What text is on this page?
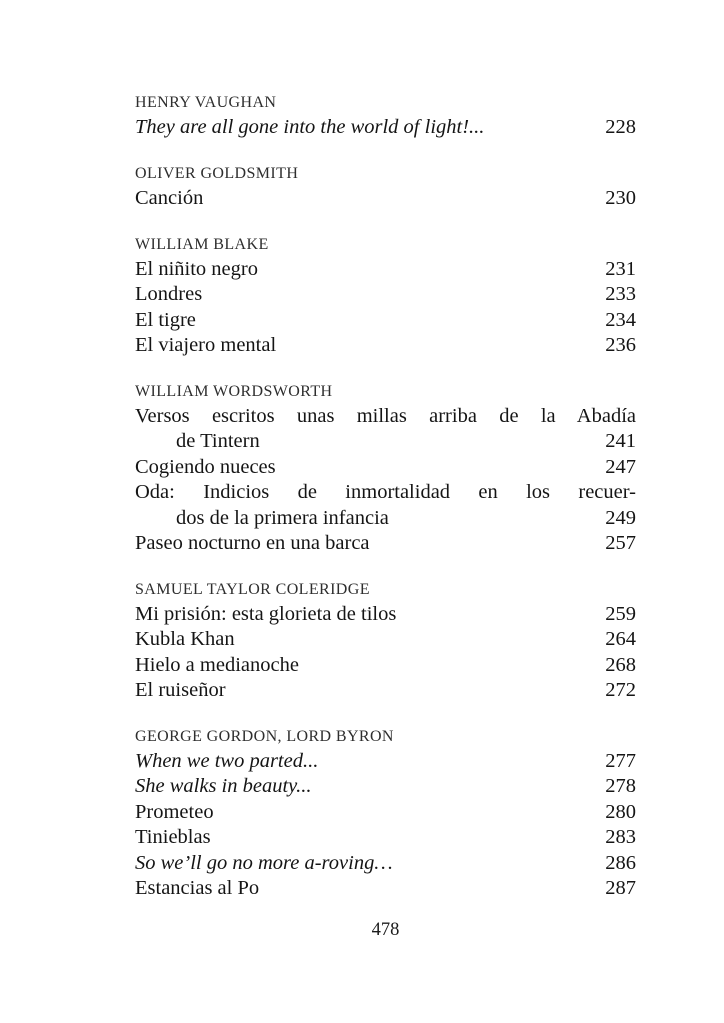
HENRY VAUGHAN
They are all gone into the world of light!...	228
OLIVER GOLDSMITH
Canción	230
WILLIAM BLAKE
El niñito negro	231
Londres	233
El tigre	234
El viajero mental	236
WILLIAM WORDSWORTH
Versos escritos unas millas arriba de la Abadía
de Tintern	241
Cogiendo nueces	247
Oda: Indicios de inmortalidad en los recuer-
dos de la primera infancia	249
Paseo nocturno en una barca	257
SAMUEL TAYLOR COLERIDGE
Mi prisión: esta glorieta de tilos	259
Kubla Khan	264
Hielo a medianoche	268
El ruiseñor	272
GEORGE GORDON, LORD BYRON
When we two parted...	277
She walks in beauty...	278
Prometeo	280
Tinieblas	283
So we’ll go no more a-roving…	286
Estancias al Po	287
478
